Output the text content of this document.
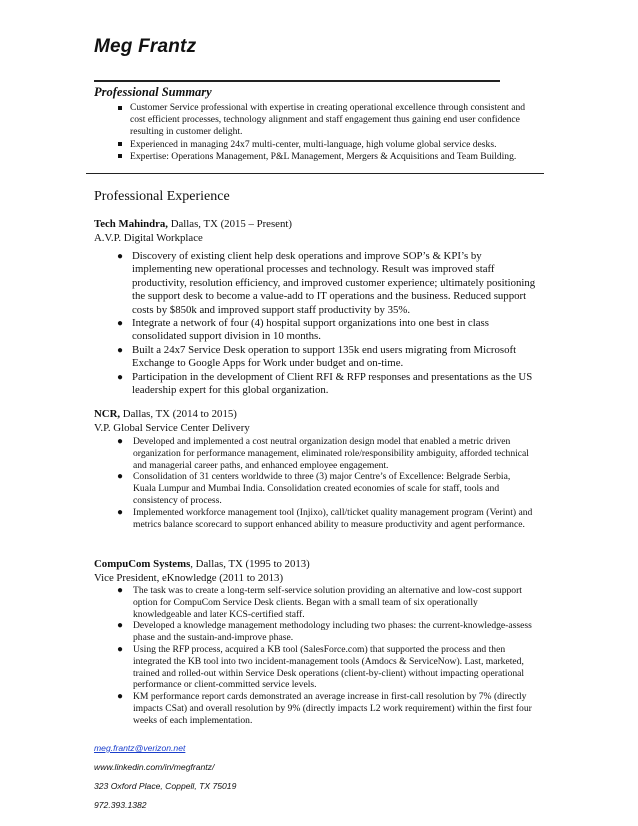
Meg Frantz
Professional Summary
Customer Service professional with expertise in creating operational excellence through consistent and cost efficient processes, technology alignment and staff engagement thus gaining end user confidence resulting in customer delight.
Experienced in managing 24x7 multi-center, multi-language, high volume global service desks.
Expertise: Operations Management, P&L Management, Mergers & Acquisitions and Team Building.
Professional Experience
Tech Mahindra, Dallas, TX (2015 – Present)
A.V.P. Digital Workplace
● Discovery of existing client help desk operations and improve SOP’s & KPI’s by implementing new operational processes and technology. Result was improved staff productivity, resolution efficiency, and improved customer experience; ultimately positioning the support desk to become a value-add to IT operations and the business. Reduced support costs by $850k and improved support staff productivity by 35%.
● Integrate a network of four (4) hospital support organizations into one best in class consolidated support division in 10 months.
● Built a 24x7 Service Desk operation to support 135k end users migrating from Microsoft Exchange to Google Apps for Work under budget and on-time.
● Participation in the development of Client RFI & RFP responses and presentations as the US leadership expert for this global organization.
NCR, Dallas, TX (2014 to 2015)
V.P. Global Service Center Delivery
● Developed and implemented a cost neutral organization design model that enabled a metric driven organization for performance management, eliminated role/responsibility ambiguity, afforded technical and managerial career paths, and enhanced employee engagement.
● Consolidation of 31 centers worldwide to three (3) major Centre’s of Excellence: Belgrade Serbia, Kuala Lumpur and Mumbai India. Consolidation created economies of scale for staff, tools and consistency of process.
● Implemented workforce management tool (Injixo), call/ticket quality management program (Verint) and metrics balance scorecard to support enhanced ability to measure productivity and agent performance.
CompuCom Systems, Dallas, TX (1995 to 2013)
Vice President, eKnowledge (2011 to 2013)
● The task was to create a long-term self-service solution providing an alternative and low-cost support option for CompuCom Service Desk clients. Began with a small team of six operationally knowledgeable and later KCS-certified staff.
● Developed a knowledge management methodology including two phases: the current-knowledge-assess phase and the sustain-and-improve phase.
● Using the RFP process, acquired a KB tool (SalesForce.com) that supported the process and then integrated the KB tool into two incident-management tools (Amdocs & ServiceNow). Last, marketed, trained and rolled-out within Service Desk operations (client-by-client) without impacting operational performance or client-committed service levels.
● KM performance report cards demonstrated an average increase in first-call resolution by 7% (directly impacts CSat) and overall resolution by 9% (directly impacts L2 work requirement) within the first four weeks of each implementation.
meg.frantz@verizon.net
www.linkedin.com/in/megfrantz/
323 Oxford Place, Coppell, TX 75019
972.393.1382
